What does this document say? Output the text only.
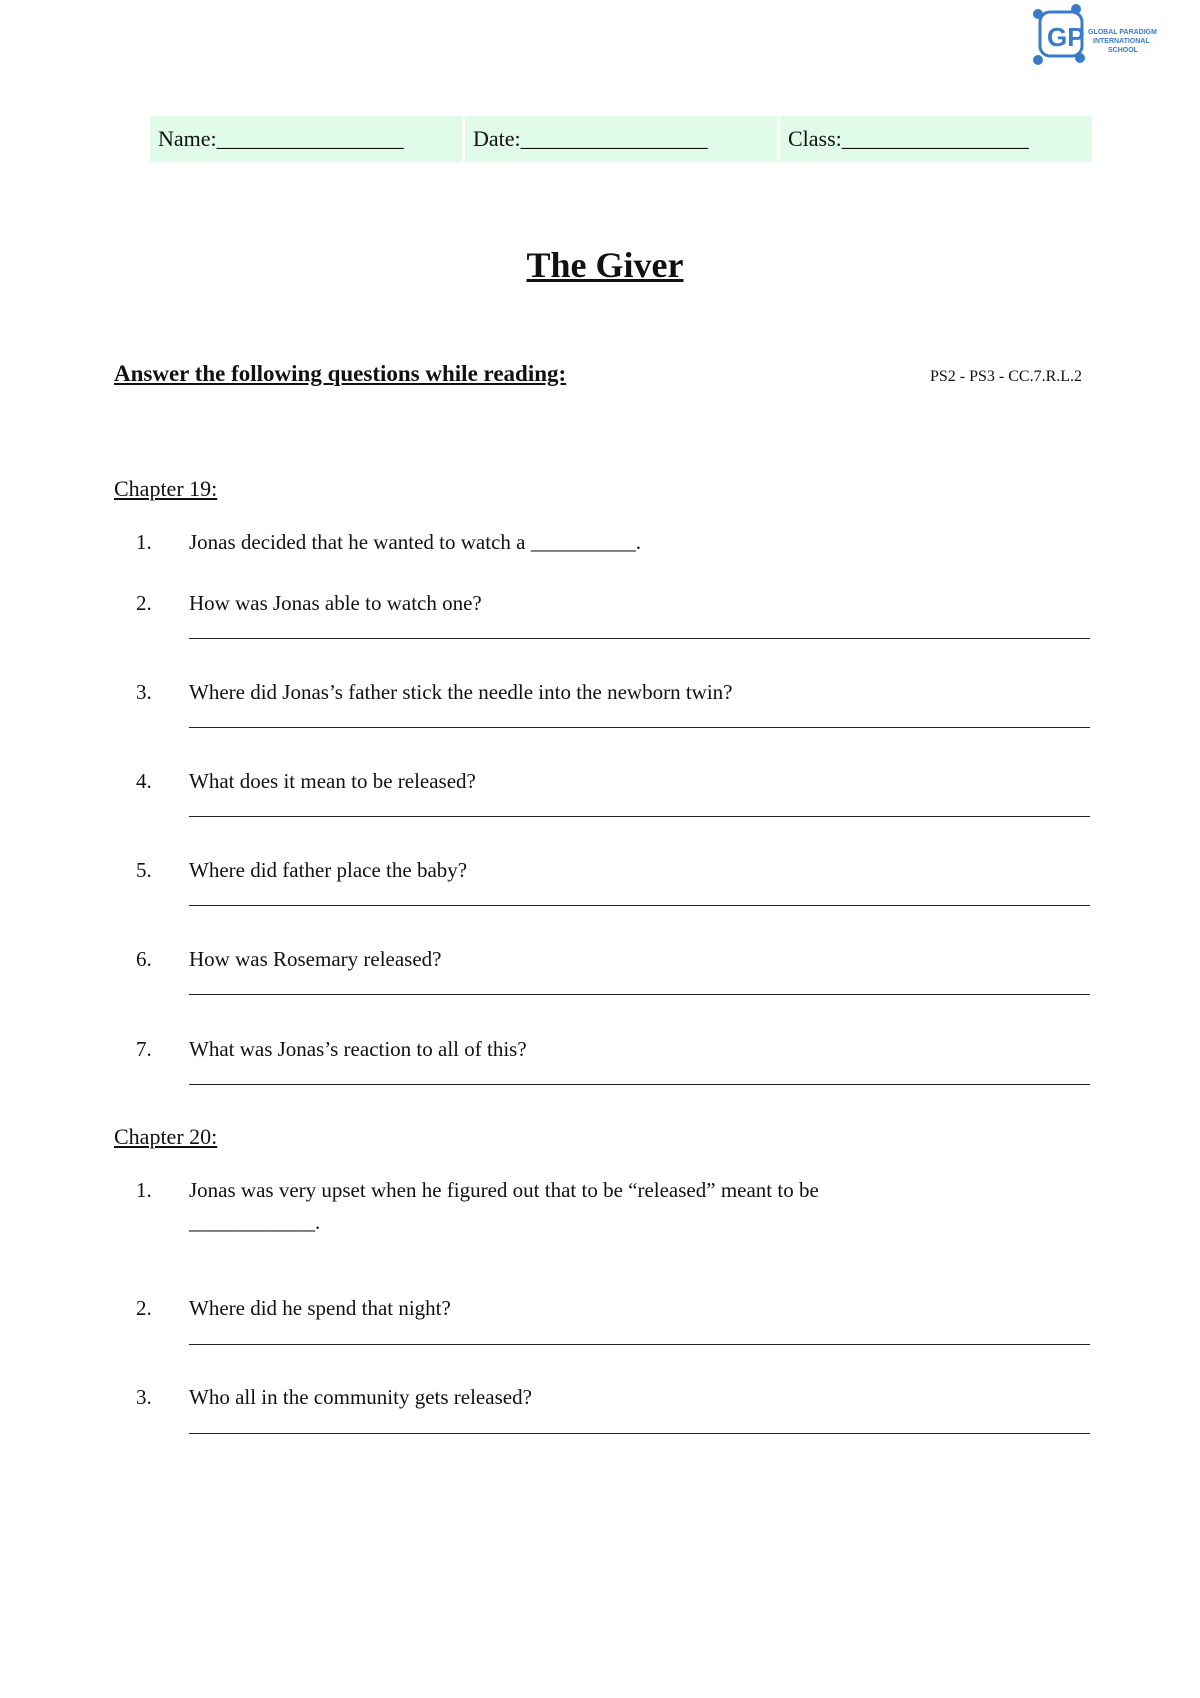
GP GLOBAL PARADIGM
INTERNATIONAL
SCHOOL
Name:_________________	Date:_________________	Class:_________________
The Giver
Answer the following questions while reading:	PS2 - PS3 - CC.7.R.L.2
Chapter 19:
1. Jonas decided that he wanted to watch a __________.
2. How was Jonas able to watch one?
3. Where did Jonas’s father stick the needle into the newborn twin?
4. What does it mean to be released?
5. Where did father place the baby?
6. How was Rosemary released?
7. What was Jonas’s reaction to all of this?
Chapter 20:
1. Jonas was very upset when he figured out that to be “released” meant to be
____________.
2. Where did he spend that night?
3. Who all in the community gets released?
